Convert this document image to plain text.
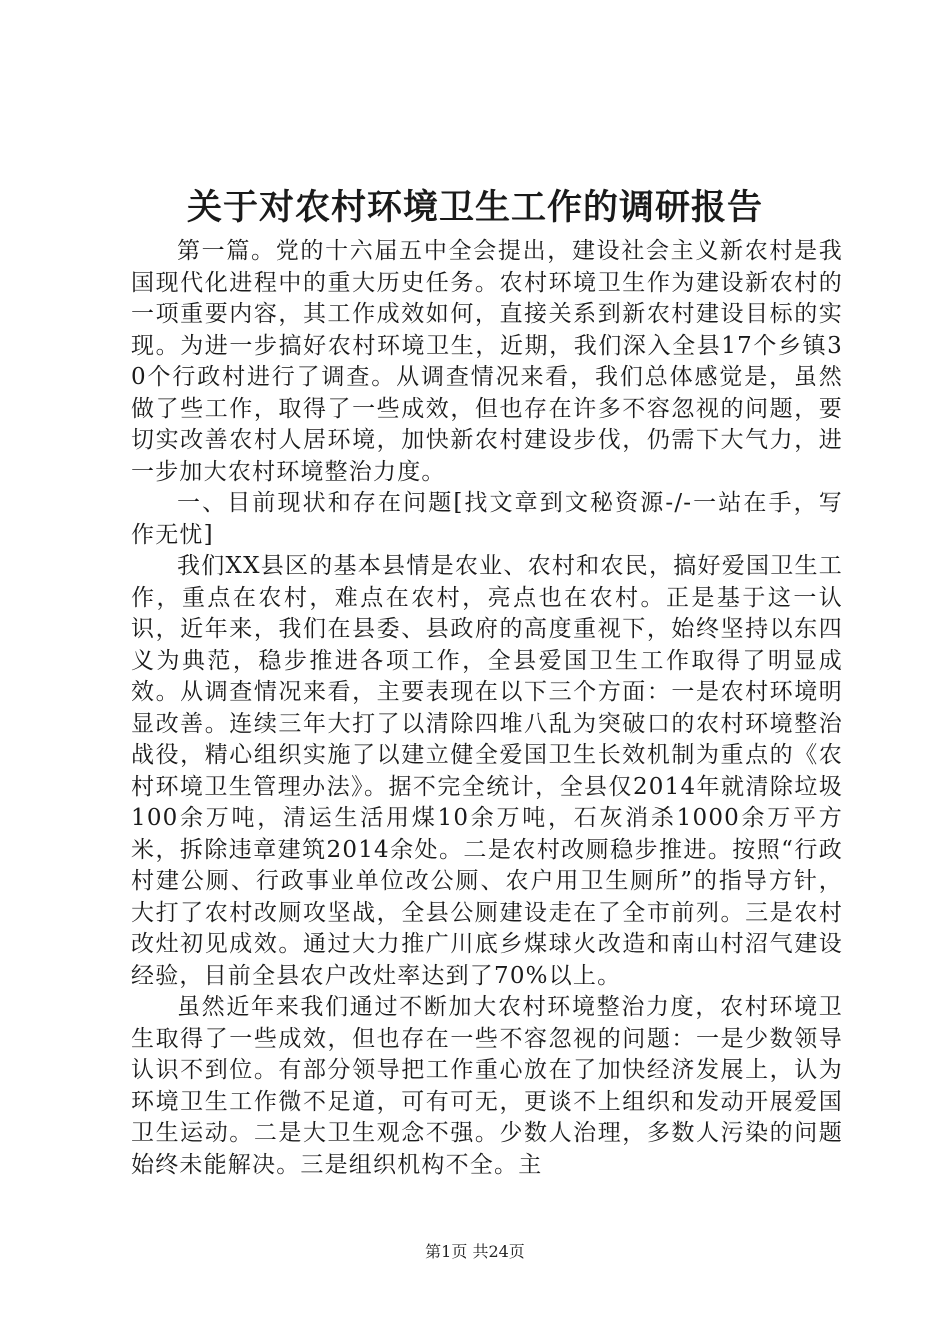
关于对农村环境卫生工作的调研报告

第一篇。党的十六届五中全会提出，建设社会主义新农村是我国现代化进程中的重大历史任务。农村环境卫生作为建设新农村的一项重要内容，其工作成效如何，直接关系到新农村建设目标的实现。为进一步搞好农村环境卫生，近期，我们深入全县17个乡镇30个行政村进行了调查。从调查情况来看，我们总体感觉是，虽然做了些工作，取得了一些成效，但也存在许多不容忽视的问题，要切实改善农村人居环境，加快新农村建设步伐，仍需下大气力，进一步加大农村环境整治力度。

一、目前现状和存在问题[找文章到文秘资源-/-一站在手，写作无忧]

我们XX县区的基本县情是农业、农村和农民，搞好爱国卫生工作，重点在农村，难点在农村，亮点也在农村。正是基于这一认识，近年来，我们在县委、县政府的高度重视下，始终坚持以东四义为典范，稳步推进各项工作，全县爱国卫生工作取得了明显成效。从调查情况来看，主要表现在以下三个方面：一是农村环境明显改善。连续三年大打了以清除四堆八乱为突破口的农村环境整治战役，精心组织实施了以建立健全爱国卫生长效机制为重点的《农村环境卫生管理办法》。据不完全统计，全县仅2014年就清除垃圾100余万吨，清运生活用煤10余万吨，石灰消杀1000余万平方米，拆除违章建筑2014余处。二是农村改厕稳步推进。按照“行政村建公厕、行政事业单位改公厕、农户用卫生厕所”的指导方针，大打了农村改厕攻坚战，全县公厕建设走在了全市前列。三是农村改灶初见成效。通过大力推广川底乡煤球火改造和南山村沼气建设经验，目前全县农户改灶率达到了70%以上。

虽然近年来我们通过不断加大农村环境整治力度，农村环境卫生取得了一些成效，但也存在一些不容忽视的问题：一是少数领导认识不到位。有部分领导把工作重心放在了加快经济发展上，认为环境卫生工作微不足道，可有可无，更谈不上组织和发动开展爱国卫生运动。二是大卫生观念不强。少数人治理，多数人污染的问题始终未能解决。三是组织机构不全。主

第1页 共24页
